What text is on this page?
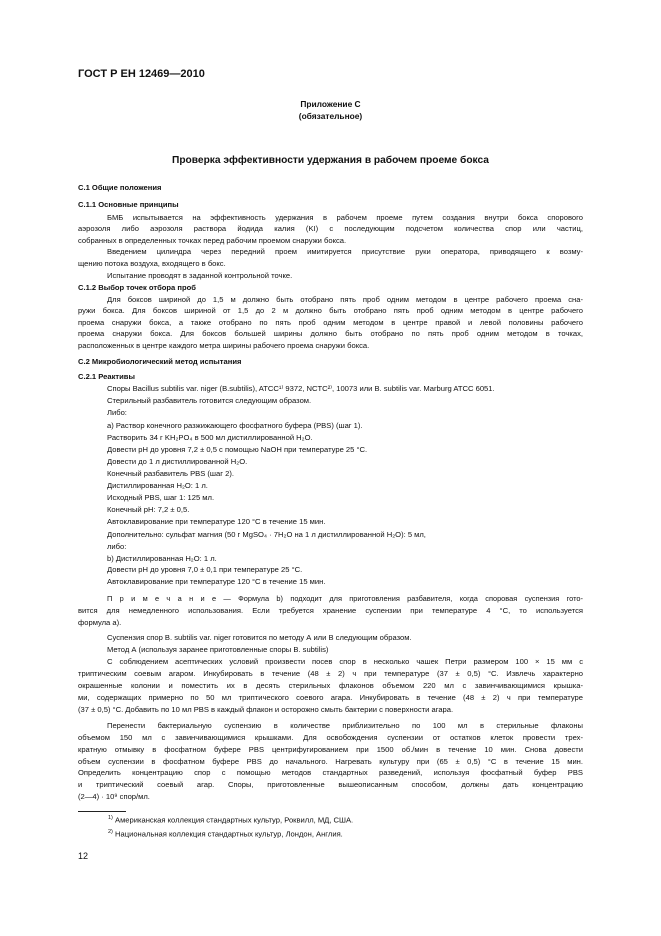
ГОСТ Р ЕН 12469—2010
Приложение С
(обязательное)
Проверка эффективности удержания в рабочем проеме бокса
С.1 Общие положения
С.1.1 Основные принципы
БМБ испытывается на эффективность удержания в рабочем проеме путем создания внутри бокса спорового
аэрозоля либо аэрозоля раствора йодида калия (KI) с последующим подсчетом количества спор или частиц,
собранных в определенных точках перед рабочим проемом снаружи бокса.
Введением цилиндра через передний проем имитируется присутствие руки оператора, приводящего к возму-
щению потока воздуха, входящего в бокс.
Испытание проводят в заданной контрольной точке.
С.1.2 Выбор точек отбора проб
Для боксов шириной до 1,5 м должно быть отобрано пять проб одним методом в центре рабочего проема сна-
ружи бокса. Для боксов шириной от 1,5 до 2 м должно быть отобрано пять проб одним методом в центре рабочего
проема снаружи бокса, а также отобрано по пять проб одним методом в центре правой и левой половины рабочего
проема снаружи бокса. Для боксов большей ширины должно быть отобрано по пять проб одним методом в точках,
расположенных в центре каждого метра ширины рабочего проема снаружи бокса.
С.2 Микробиологический метод испытания
С.2.1 Реактивы
Споры Bacillus subtilis var. niger (B.subtilis), ATCC¹⁾ 9372, NCTC²⁾, 10073 или B. subtilis var. Marburg ATCC 6051.
Стерильный разбавитель готовится следующим образом.
Либо:
а) Раствор конечного разжижающего фосфатного буфера (PBS) (шаг 1).
Растворить 34 г KH₂PO₄ в 500 мл дистиллированной H₂O.
Довести рН до уровня 7,2 ± 0,5 с помощью NaOH при температуре 25 °С.
Довести до 1 л дистиллированной H₂O.
Конечный разбавитель PBS (шаг 2).
Дистиллированная H₂O: 1 л.
Исходный PBS, шаг 1: 125 мл.
Конечный рН: 7,2 ± 0,5.
Автоклавирование при температуре 120 °С в течение 15 мин.
Дополнительно: сульфат магния (50 г MgSO₄ · 7H₂O на 1 л дистиллированной H₂O): 5 мл,
либо:
b) Дистиллированная H₂O: 1 л.
Довести рН до уровня 7,0 ± 0,1 при температуре 25 °С.
Автоклавирование при температуре 120 °С в течение 15 мин.
П р и м е ч а н и е — Формула b) подходит для приготовления разбавителя, когда споровая суспензия гото-
вится для немедленного использования. Если требуется хранение суспензии при температуре 4 °С, то используется
формула а).
Суспензия спор B. subtilis var. niger готовится по методу А или В следующим образом.
Метод А (используя заранее приготовленные споры B. subtilis)
С соблюдением асептических условий произвести посев спор в несколько чашек Петри размером 100 × 15 мм с
триптическим соевым агаром. Инкубировать в течение (48 ± 2) ч при температуре (37 ± 0,5) °С. Извлечь характерно
окрашенные колонии и поместить их в десять стерильных флаконов объемом 220 мл с завинчивающимися крышка-
ми, содержащих примерно по 50 мл триптического соевого агара. Инкубировать в течение (48 ± 2) ч при температуре
(37 ± 0,5) °С. Добавить по 10 мл PBS в каждый флакон и осторожно смыть бактерии с поверхности агара.
Перенести бактериальную суспензию в количестве приблизительно по 100 мл в стерильные флаконы
объемом 150 мл с завинчивающимися крышками. Для освобождения суспензии от остатков клеток провести трех-
кратную отмывку в фосфатном буфере PBS центрифугированием при 1500 об./мин в течение 10 мин. Снова довести
объем суспензии в фосфатном буфере PBS до начального. Нагревать культуру при (65 ± 0,5) °С в течение 15 мин.
Определить концентрацию спор с помощью методов стандартных разведений, используя фосфатный буфер PBS
и триптический соевый агар. Споры, приготовленные вышеописанным способом, должны дать концентрацию
(2—4) · 10⁹ спор/мл.
$^{1)}$ Американская коллекция стандартных культур, Роквилл, МД, США.
$^{2)}$ Национальная коллекция стандартных культур, Лондон, Англия.
12
